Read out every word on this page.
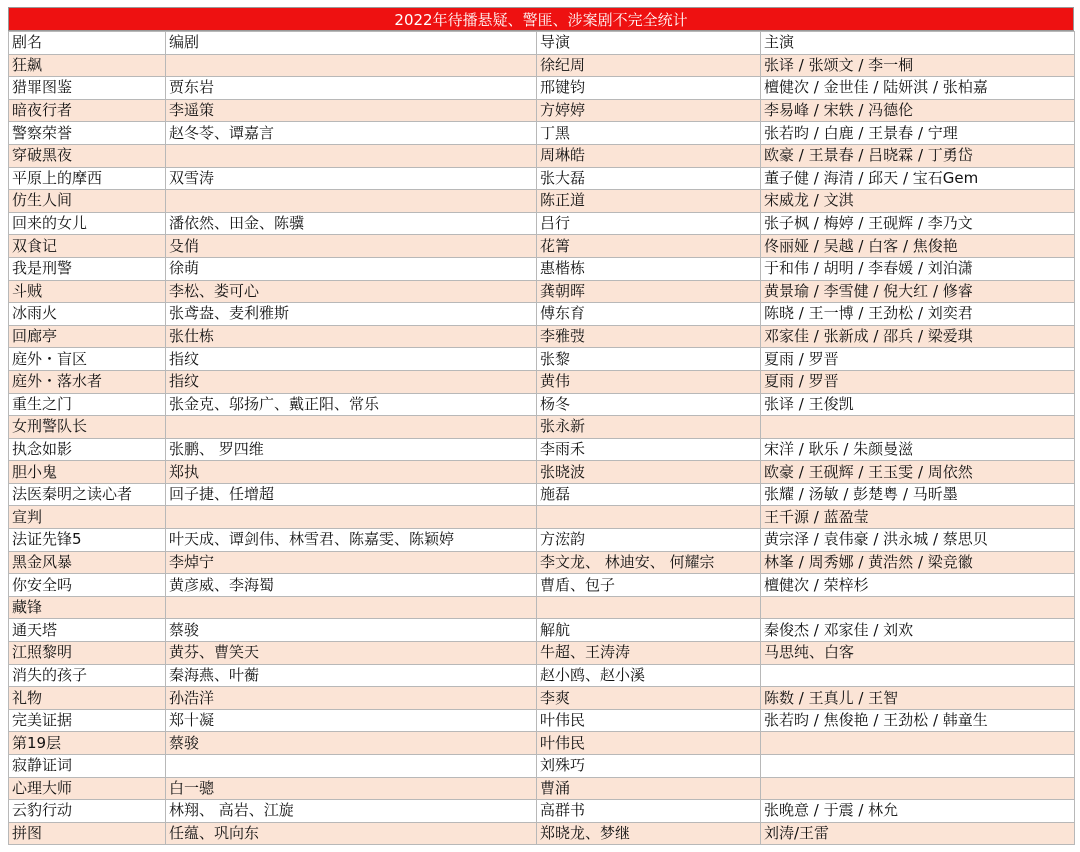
2022年待播悬疑、警匪、涉案剧不完全统计
剧名	编剧	导演	主演
狂飙		徐纪周	张译 / 张颂文 / 李一桐
猎罪图鉴	贾东岩	邢键钧	檀健次 / 金世佳 / 陆妍淇 / 张柏嘉
暗夜行者	李遥策	方婷婷	李易峰 / 宋轶 / 冯德伦
警察荣誉	赵冬苓、谭嘉言	丁黑	张若昀 / 白鹿 / 王景春 / 宁理
穿破黑夜		周琳皓	欧豪 / 王景春 / 吕晓霖 / 丁勇岱
平原上的摩西	双雪涛	张大磊	董子健 / 海清 / 邱天 / 宝石Gem
仿生人间		陈正道	宋威龙 / 文淇
回来的女儿	潘依然、田金、陈骥	吕行	张子枫 / 梅婷 / 王砚辉 / 李乃文
双食记	殳俏	花箐	佟丽娅 / 吴越 / 白客 / 焦俊艳
我是刑警	徐萌	惠楷栋	于和伟 / 胡明 / 李春媛 / 刘泊潇
斗贼	李松、娄可心	龚朝晖	黄景瑜 / 李雪健 / 倪大红 / 修睿
冰雨火	张鸢盎、麦利雅斯	傅东育	陈晓 / 王一博 / 王劲松 / 刘奕君
回廊亭	张仕栋	李雅弢	邓家佳 / 张新成 / 邵兵 / 梁爱琪
庭外・盲区	指纹	张黎	夏雨 / 罗晋
庭外・落水者	指纹	黄伟	夏雨 / 罗晋
重生之门	张金克、邬扬广、戴正阳、常乐	杨冬	张译 / 王俊凯
女刑警队长		张永新	
执念如影	张鹏、 罗四维	李雨禾	宋洋 / 耿乐 / 朱颜曼滋
胆小鬼	郑执	张晓波	欧豪 / 王砚辉 / 王玉雯 / 周依然
法医秦明之读心者	回子捷、任增超	施磊	张耀 / 汤敏 / 彭楚粤 / 马昕墨
宣判			王千源 / 蓝盈莹
法证先锋5	叶天成、谭剑伟、林雪君、陈嘉雯、陈颖婷	方浤韵	黄宗泽 / 袁伟豪 / 洪永城 / 蔡思贝
黑金风暴	李焯宁	李文龙、 林迪安、 何耀宗	林峯 / 周秀娜 / 黄浩然 / 梁竞徽
你安全吗	黄彦威、李海蜀	曹盾、包子	檀健次 / 荣梓杉
藏锋			
通天塔	蔡骏	解航	秦俊杰 / 邓家佳 / 刘欢
江照黎明	黄芬、曹笑天	牛超、王涛涛	马思纯、白客
消失的孩子	秦海燕、叶蘅	赵小鸥、赵小溪	
礼物	孙浩洋	李爽	陈数 / 王真儿 / 王智
完美证据	郑十凝	叶伟民	张若昀 / 焦俊艳 / 王劲松 / 韩童生
第19层	蔡骏	叶伟民	
寂静证词		刘殊巧	
心理大师	白一骢	曹涌	
云豹行动	林翔、 高岩、江旋	高群书	张晚意 / 于震 / 林允
拼图	任蕴、巩向东	郑晓龙、梦继	刘涛/王雷
